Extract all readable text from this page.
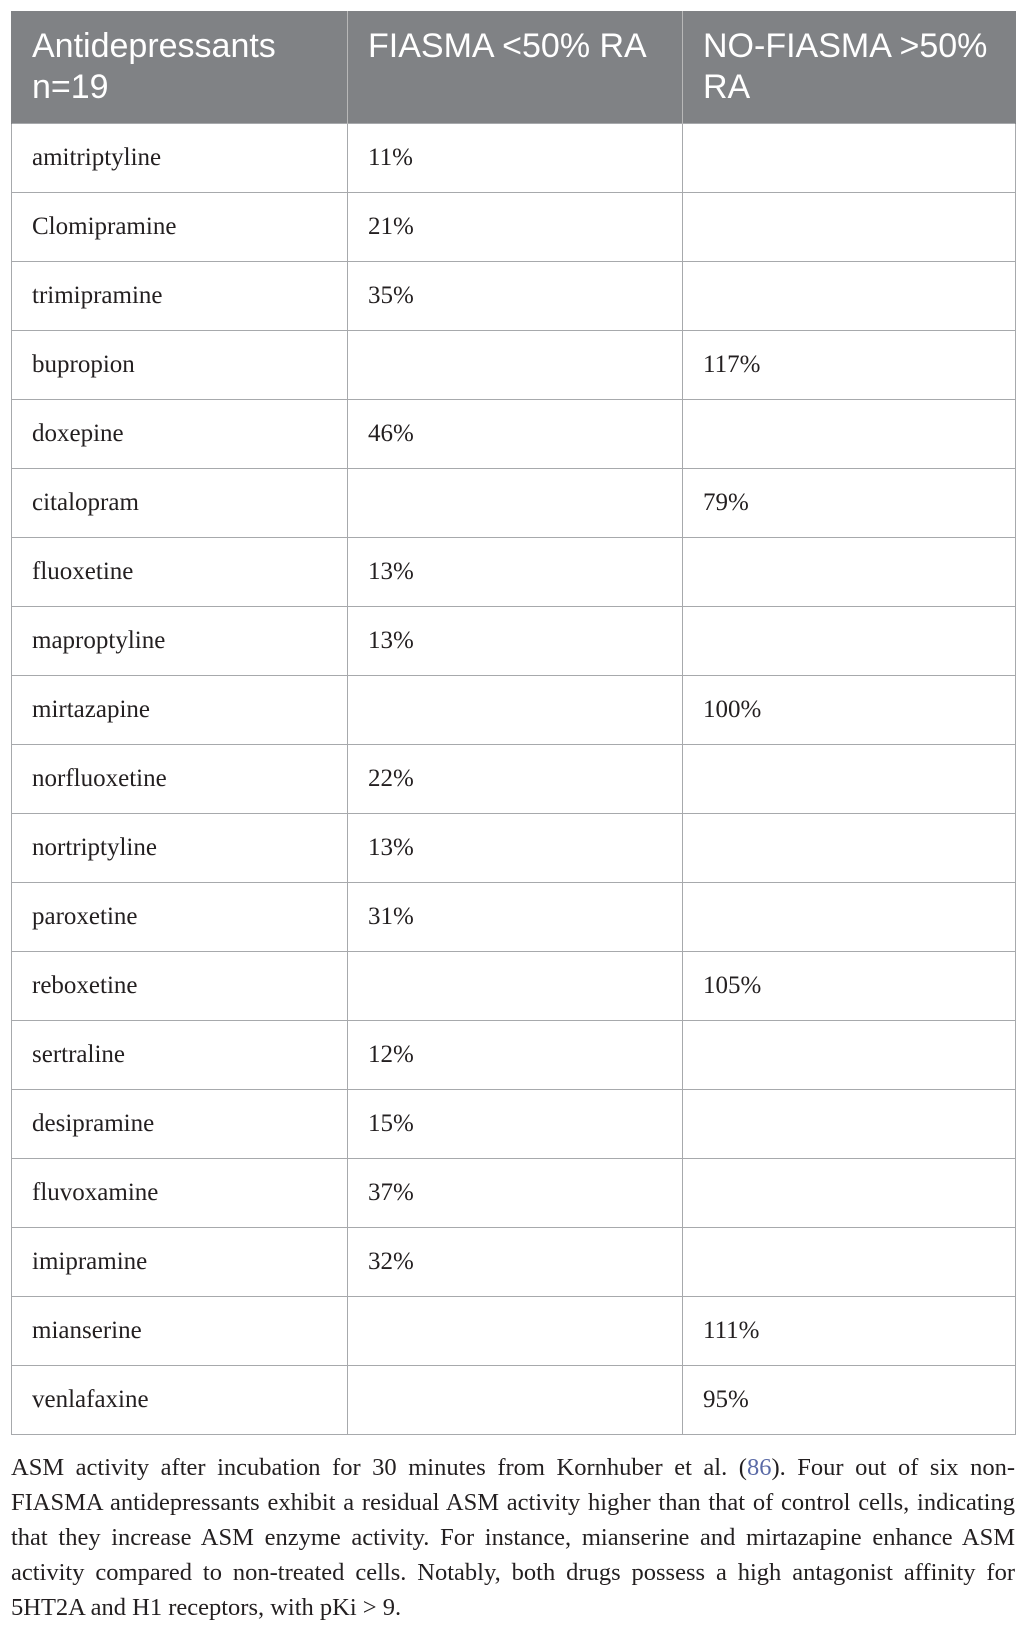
Antidepressants n=19	FIASMA <50% RA	NO-FIASMA >50% RA
amitriptyline	11%	
Clomipramine	21%	
trimipramine	35%	
bupropion		117%
doxepine	46%	
citalopram		79%
fluoxetine	13%	
maproptyline	13%	
mirtazapine		100%
norfluoxetine	22%	
nortriptyline	13%	
paroxetine	31%	
reboxetine		105%
sertraline	12%	
desipramine	15%	
fluvoxamine	37%	
imipramine	32%	
mianserine		111%
venlafaxine		95%

ASM activity after incubation for 30 minutes from Kornhuber et al. (86). Four out of six non-FIASMA antidepressants exhibit a residual ASM activity higher than that of control cells, indicating that they increase ASM enzyme activity. For instance, mianserine and mirtazapine enhance ASM activity compared to non-treated cells. Notably, both drugs possess a high antagonist affinity for 5HT2A and H1 receptors, with pKi > 9.
